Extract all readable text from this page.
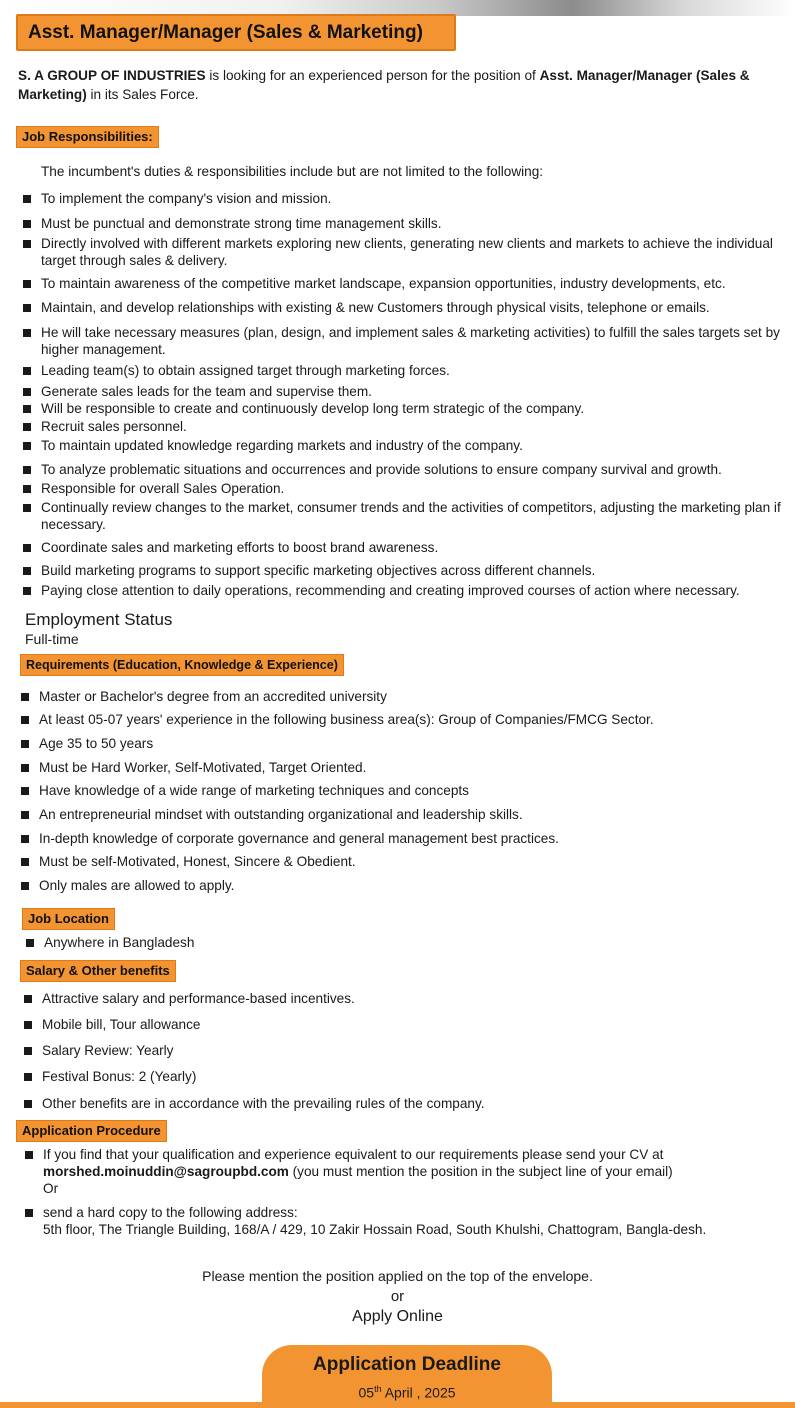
Asst. Manager/Manager (Sales & Marketing)
S. A GROUP OF INDUSTRIES is looking for an experienced person for the position of Asst. Manager/Manager (Sales & Marketing) in its Sales Force.
Job Responsibilities:
The incumbent's duties & responsibilities include but are not limited to the following:
To implement the company's vision and mission.
Must be punctual and demonstrate strong time management skills.
Directly involved with different markets exploring new clients, generating new clients and markets to achieve the individual target through sales & delivery.
To maintain awareness of the competitive market landscape, expansion opportunities, industry developments, etc.
Maintain, and develop relationships with existing & new Customers through physical visits, telephone or emails.
He will take necessary measures (plan, design, and implement sales & marketing activities) to fulfill the sales targets set by higher management.
Leading team(s) to obtain assigned target through marketing forces.
Generate sales leads for the team and supervise them.
Will be responsible to create and continuously develop long term strategic of the company.
Recruit sales personnel.
To maintain updated knowledge regarding markets and industry of the company.
To analyze problematic situations and occurrences and provide solutions to ensure company survival and growth.
Responsible for overall Sales Operation.
Continually review changes to the market, consumer trends and the activities of competitors, adjusting the marketing plan if necessary.
Coordinate sales and marketing efforts to boost brand awareness.
Build marketing programs to support specific marketing objectives across different channels.
Paying close attention to daily operations, recommending and creating improved courses of action where necessary.
Employment Status
Full-time
Requirements (Education, Knowledge & Experience)
Master or Bachelor's degree from an accredited university
At least 05-07 years' experience in the following business area(s): Group of Companies/FMCG Sector.
Age 35 to 50 years
Must be Hard Worker, Self-Motivated, Target Oriented.
Have knowledge of a wide range of marketing techniques and concepts
An entrepreneurial mindset with outstanding organizational and leadership skills.
In-depth knowledge of corporate governance and general management best practices.
Must be self-Motivated, Honest, Sincere & Obedient.
Only males are allowed to apply.
Job Location
Anywhere in Bangladesh
Salary & Other benefits
Attractive salary and performance-based incentives.
Mobile bill, Tour allowance
Salary Review: Yearly
Festival Bonus: 2 (Yearly)
Other benefits are in accordance with the prevailing rules of the company.
Application Procedure
If you find that your qualification and experience equivalent to our requirements please send your CV at morshed.moinuddin@sagroupbd.com (you must mention the position in the subject line of your email)
Or
send a hard copy to the following address:
5th floor, The Triangle Building, 168/A / 429, 10 Zakir Hossain Road, South Khulshi, Chattogram, Bangla-desh.
Please mention the position applied on the top of the envelope.
or
Apply Online
Application Deadline
05th April , 2025
